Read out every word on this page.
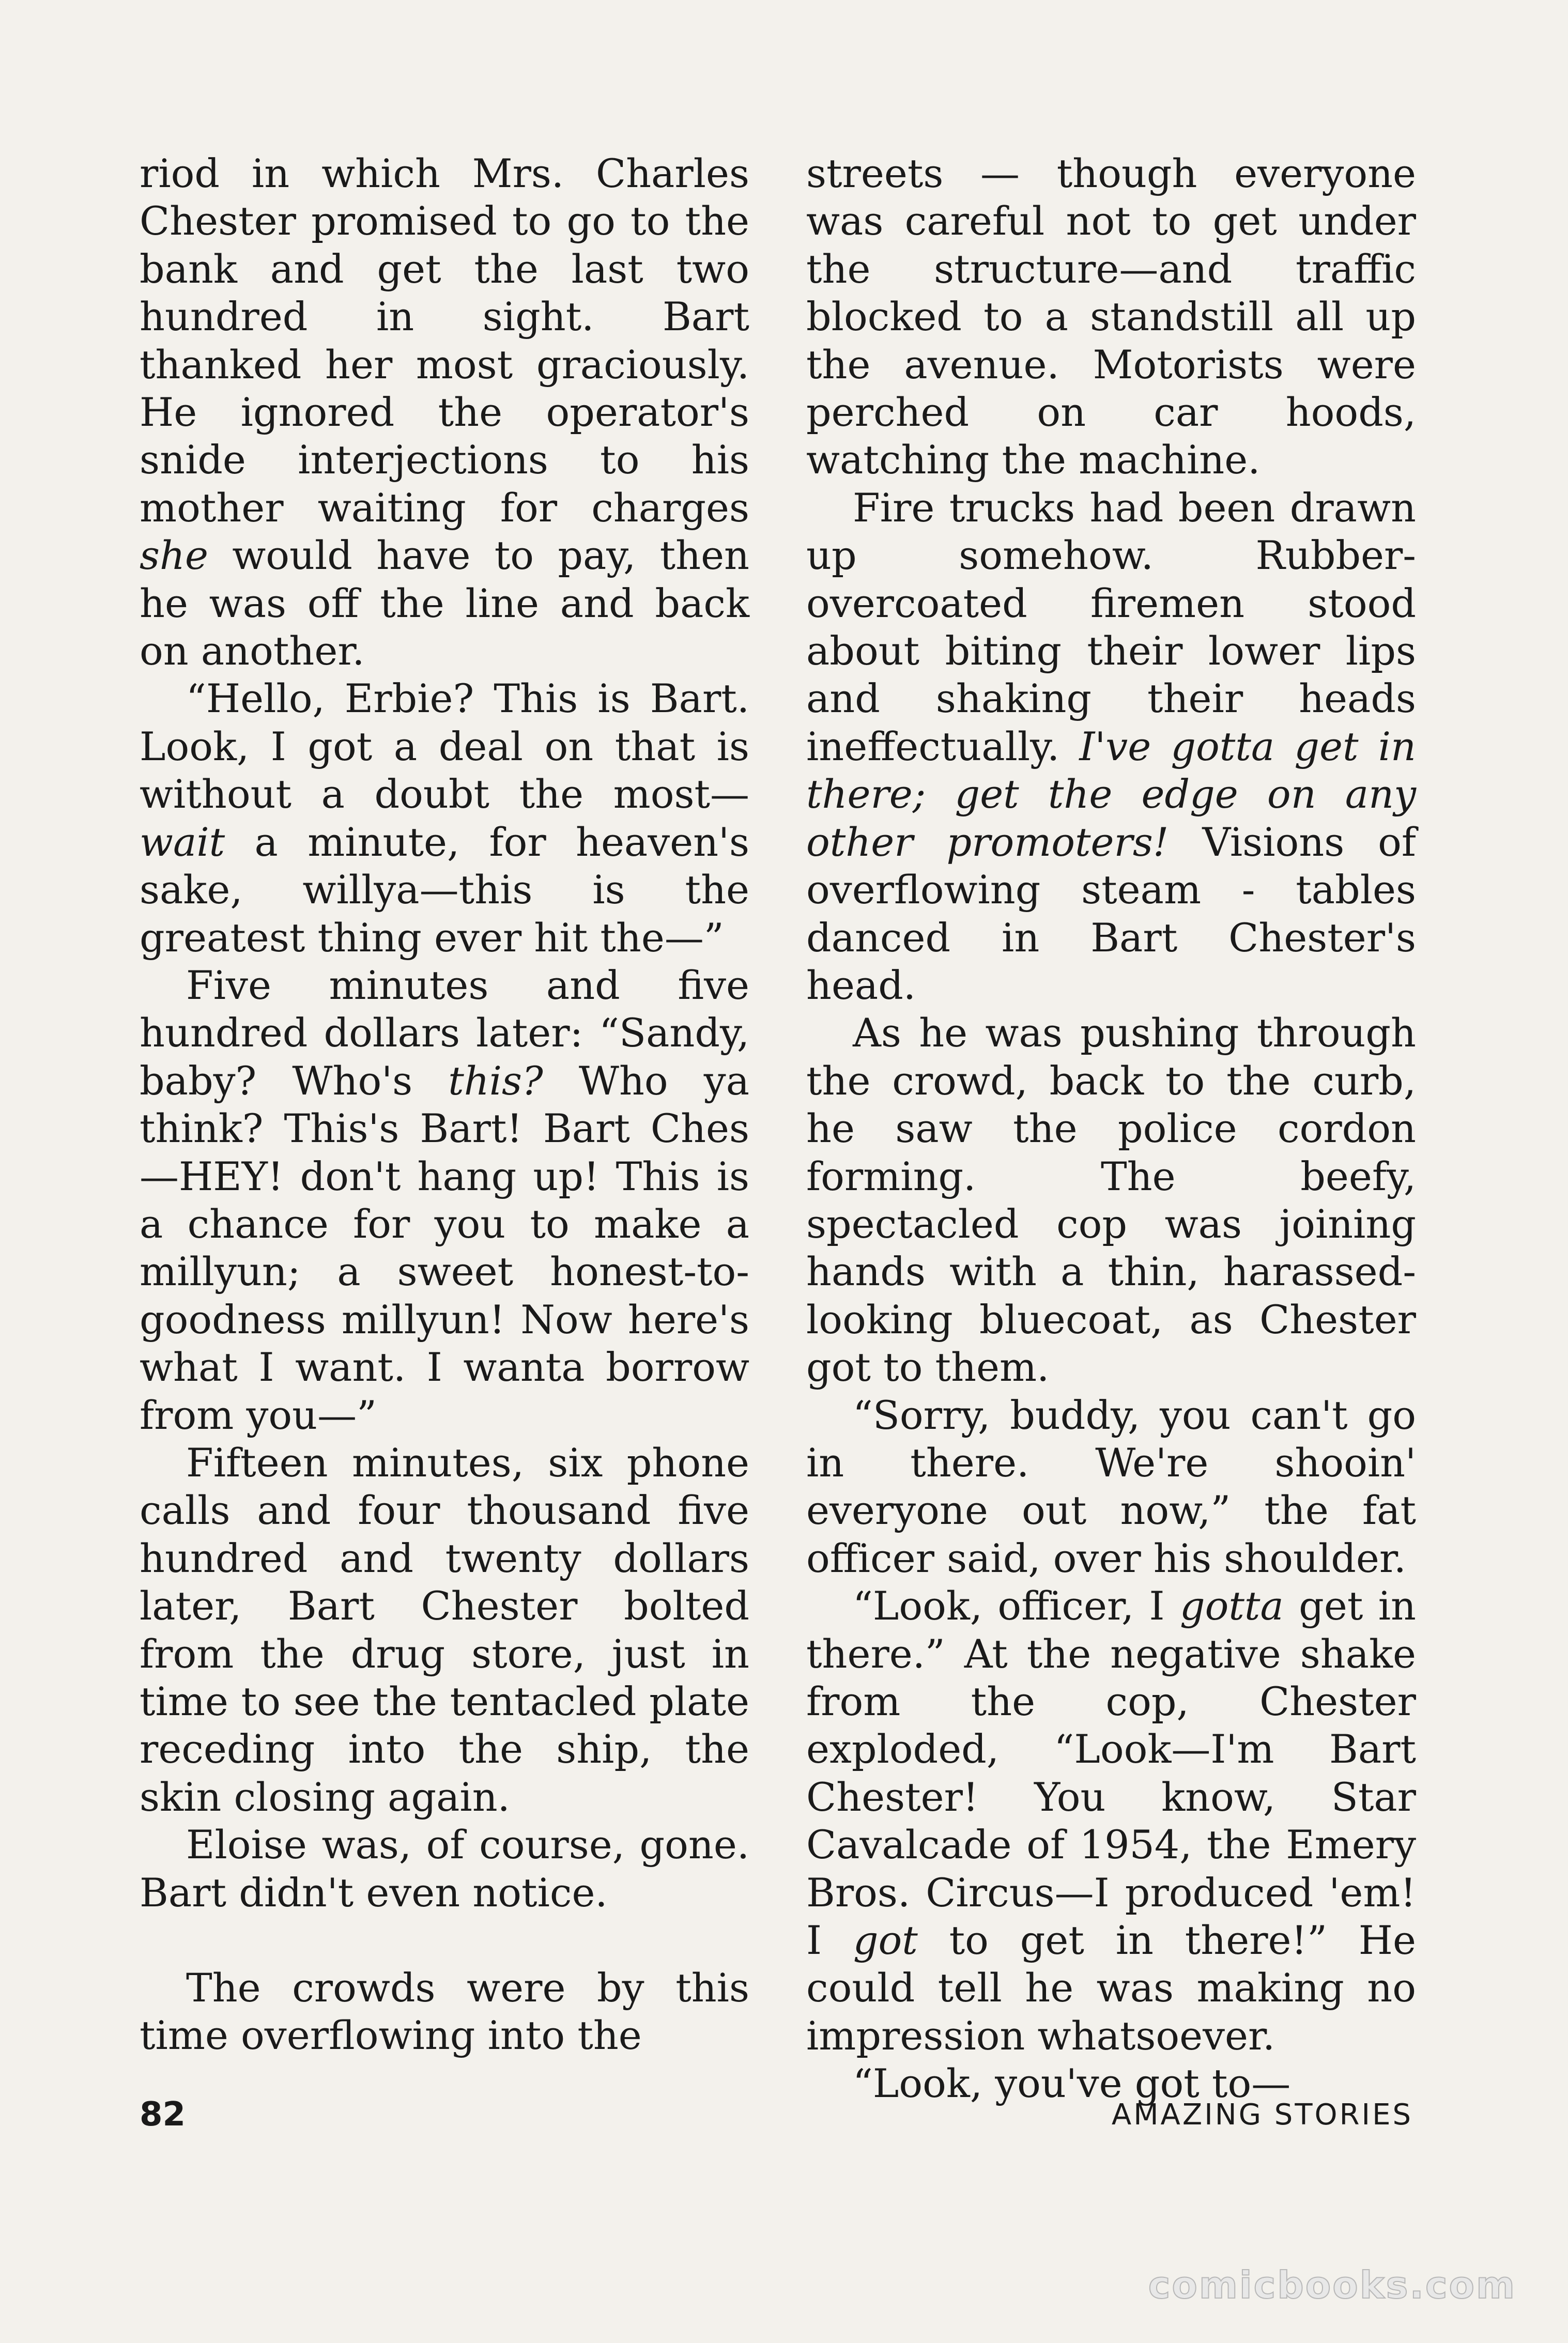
riod in which Mrs. Charles Chester promised to go to the bank and get the last two hundred in sight. Bart thanked her most graciously. He ignored the operator's snide interjections to his mother waiting for charges she would have to pay, then he was off the line and back on another.

“Hello, Erbie? This is Bart. Look, I got a deal on that is without a doubt the most—wait a minute, for heaven's sake, willya—this is the greatest thing ever hit the—”

Five minutes and five hundred dollars later: “Sandy, baby? Who's this? Who ya think? This's Bart! Bart Ches—HEY! don't hang up! This is a chance for you to make a millyun; a sweet honest-to-goodness millyun! Now here's what I want. I wanta borrow from you—”

Fifteen minutes, six phone calls and four thousand five hundred and twenty dollars later, Bart Chester bolted from the drug store, just in time to see the tentacled plate receding into the ship, the skin closing again.

Eloise was, of course, gone. Bart didn't even notice.

The crowds were by this time overflowing into the

streets — though everyone was careful not to get under the structure—and traffic blocked to a standstill all up the avenue. Motorists were perched on car hoods, watching the machine.

Fire trucks had been drawn up somehow. Rubber-overcoated firemen stood about biting their lower lips and shaking their heads ineffectually. I've gotta get in there; get the edge on any other promoters! Visions of overflowing steam - tables danced in Bart Chester's head.

As he was pushing through the crowd, back to the curb, he saw the police cordon forming. The beefy, spectacled cop was joining hands with a thin, harassed-looking bluecoat, as Chester got to them.

“Sorry, buddy, you can't go in there. We're shooin' everyone out now,” the fat officer said, over his shoulder.

“Look, officer, I gotta get in there.” At the negative shake from the cop, Chester exploded, “Look—I'm Bart Chester! You know, Star Cavalcade of 1954, the Emery Bros. Circus—I produced 'em! I got to get in there!” He could tell he was making no impression whatsoever.

“Look, you've got to—

82	AMAZING STORIES
comicbooks.com
